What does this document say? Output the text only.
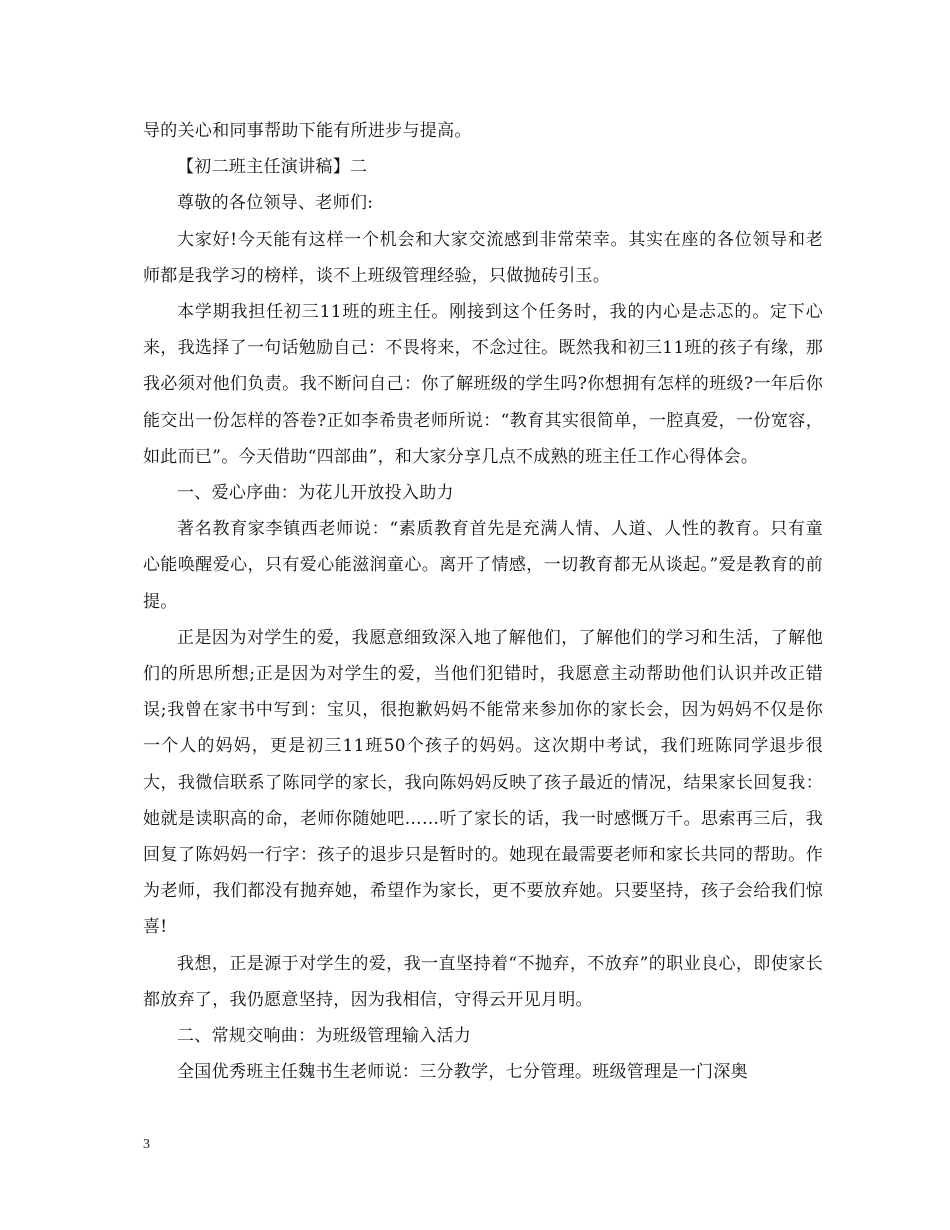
导的关心和同事帮助下能有所进步与提高。

【初二班主任演讲稿】二

尊敬的各位领导、老师们:

大家好!今天能有这样一个机会和大家交流感到非常荣幸。其实在座的各位领导和老师都是我学习的榜样，谈不上班级管理经验，只做抛砖引玉。

本学期我担任初三11班的班主任。刚接到这个任务时，我的内心是忐忑的。定下心来，我选择了一句话勉励自己：不畏将来，不念过往。既然我和初三11班的孩子有缘，那我必须对他们负责。我不断问自己：你了解班级的学生吗?你想拥有怎样的班级?一年后你能交出一份怎样的答卷?正如李希贵老师所说：“教育其实很简单，一腔真爱，一份宽容，如此而已”。今天借助“四部曲”，和大家分享几点不成熟的班主任工作心得体会。

一、爱心序曲：为花儿开放投入助力

著名教育家李镇西老师说：“素质教育首先是充满人情、人道、人性的教育。只有童心能唤醒爱心，只有爱心能滋润童心。离开了情感，一切教育都无从谈起。”爱是教育的前提。

正是因为对学生的爱，我愿意细致深入地了解他们，了解他们的学习和生活，了解他们的所思所想;正是因为对学生的爱，当他们犯错时，我愿意主动帮助他们认识并改正错误;我曾在家书中写到：宝贝，很抱歉妈妈不能常来参加你的家长会，因为妈妈不仅是你一个人的妈妈，更是初三11班50个孩子的妈妈。这次期中考试，我们班陈同学退步很大，我微信联系了陈同学的家长，我向陈妈妈反映了孩子最近的情况，结果家长回复我：她就是读职高的命，老师你随她吧……听了家长的话，我一时感慨万千。思索再三后，我回复了陈妈妈一行字：孩子的退步只是暂时的。她现在最需要老师和家长共同的帮助。作为老师，我们都没有抛弃她，希望作为家长，更不要放弃她。只要坚持，孩子会给我们惊喜!

我想，正是源于对学生的爱，我一直坚持着“不抛弃，不放弃”的职业良心，即使家长都放弃了，我仍愿意坚持，因为我相信，守得云开见月明。

二、常规交响曲：为班级管理输入活力

全国优秀班主任魏书生老师说：三分教学，七分管理。班级管理是一门深奥

3
